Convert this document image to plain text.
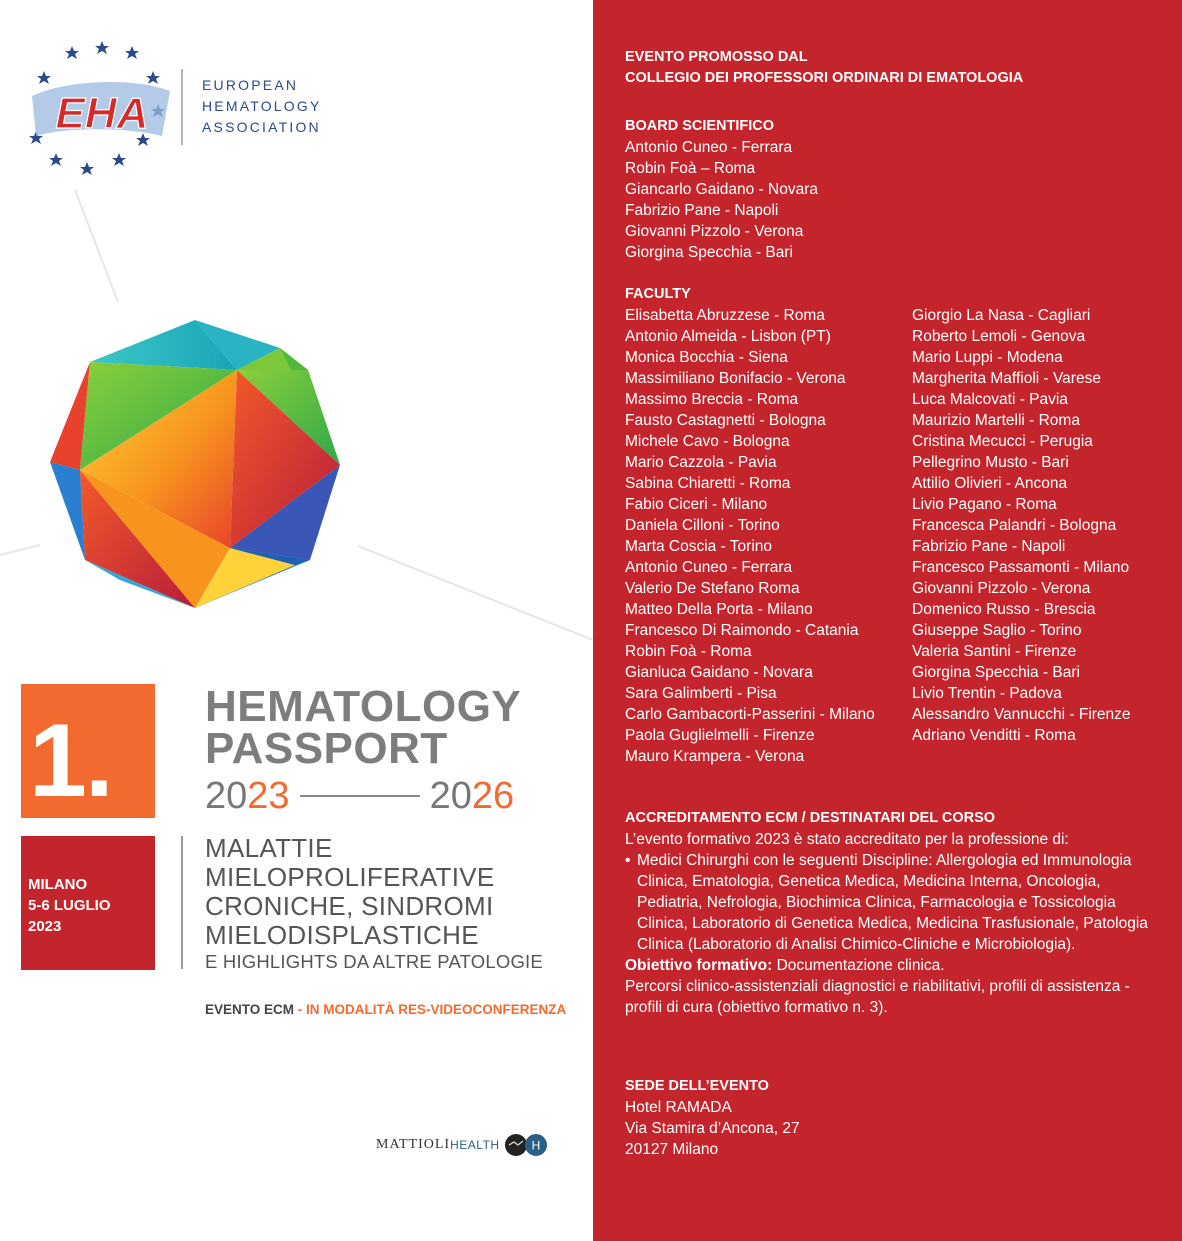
EHA
EUROPEAN
HEMATOLOGY
ASSOCIATION
1. HEMATOLOGY
PASSPORT
2023	2026
MILANO
5-6 LUGLIO
2023
MALATTIE
MIELOPROLIFERATIVE
CRONICHE, SINDROMI
MIELODISPLASTICHE
E HIGHLIGHTS DA ALTRE PATOLOGIE
EVENTO ECM - IN MODALITÀ RES-VIDEOCONFERENZA
MATTIOLI HEALTH	H
EVENTO PROMOSSO DAL
COLLEGIO DEI PROFESSORI ORDINARI DI EMATOLOGIA
BOARD SCIENTIFICO
Antonio Cuneo - Ferrara
Robin Foà – Roma
Giancarlo Gaidano - Novara
Fabrizio Pane - Napoli
Giovanni Pizzolo - Verona
Giorgina Specchia - Bari
FACULTY
Elisabetta Abruzzese - Roma
Antonio Almeida - Lisbon (PT)
Monica Bocchia - Siena
Massimiliano Bonifacio - Verona
Massimo Breccia - Roma
Fausto Castagnetti - Bologna
Michele Cavo - Bologna
Mario Cazzola - Pavia
Sabina Chiaretti - Roma
Fabio Ciceri - Milano
Daniela Cilloni - Torino
Marta Coscia - Torino
Antonio Cuneo - Ferrara
Valerio De Stefano Roma
Matteo Della Porta - Milano
Francesco Di Raimondo - Catania
Robin Foà - Roma
Gianluca Gaidano - Novara
Sara Galimberti - Pisa
Carlo Gambacorti-Passerini - Milano
Paola Guglielmelli - Firenze
Mauro Krampera - Verona
Giorgio La Nasa - Cagliari
Roberto Lemoli - Genova
Mario Luppi - Modena
Margherita Maffioli - Varese
Luca Malcovati - Pavia
Maurizio Martelli - Roma
Cristina Mecucci - Perugia
Pellegrino Musto - Bari
Attilio Olivieri - Ancona
Livio Pagano - Roma
Francesca Palandri - Bologna
Fabrizio Pane - Napoli
Francesco Passamonti - Milano
Giovanni Pizzolo - Verona
Domenico Russo - Brescia
Giuseppe Saglio - Torino
Valeria Santini - Firenze
Giorgina Specchia - Bari
Livio Trentin - Padova
Alessandro Vannucchi - Firenze
Adriano Venditti - Roma
ACCREDITAMENTO ECM / DESTINATARI DEL CORSO
L’evento formativo 2023 è stato accreditato per la professione di:
• Medici Chirurghi con le seguenti Discipline: Allergologia ed Immunologia Clinica, Ematologia, Genetica Medica, Medicina Interna, Oncologia, Pediatria, Nefrologia, Biochimica Clinica, Farmacologia e Tossicologia Clinica, Laboratorio di Genetica Medica, Medicina Trasfusionale, Patologia Clinica (Laboratorio di Analisi Chimico-Cliniche e Microbiologia).
Obiettivo formativo: Documentazione clinica.
Percorsi clinico-assistenziali diagnostici e riabilitativi, profili di assistenza - profili di cura (obiettivo formativo n. 3).
SEDE DELL’EVENTO
Hotel RAMADA
Via Stamira d’Ancona, 27
20127 Milano
